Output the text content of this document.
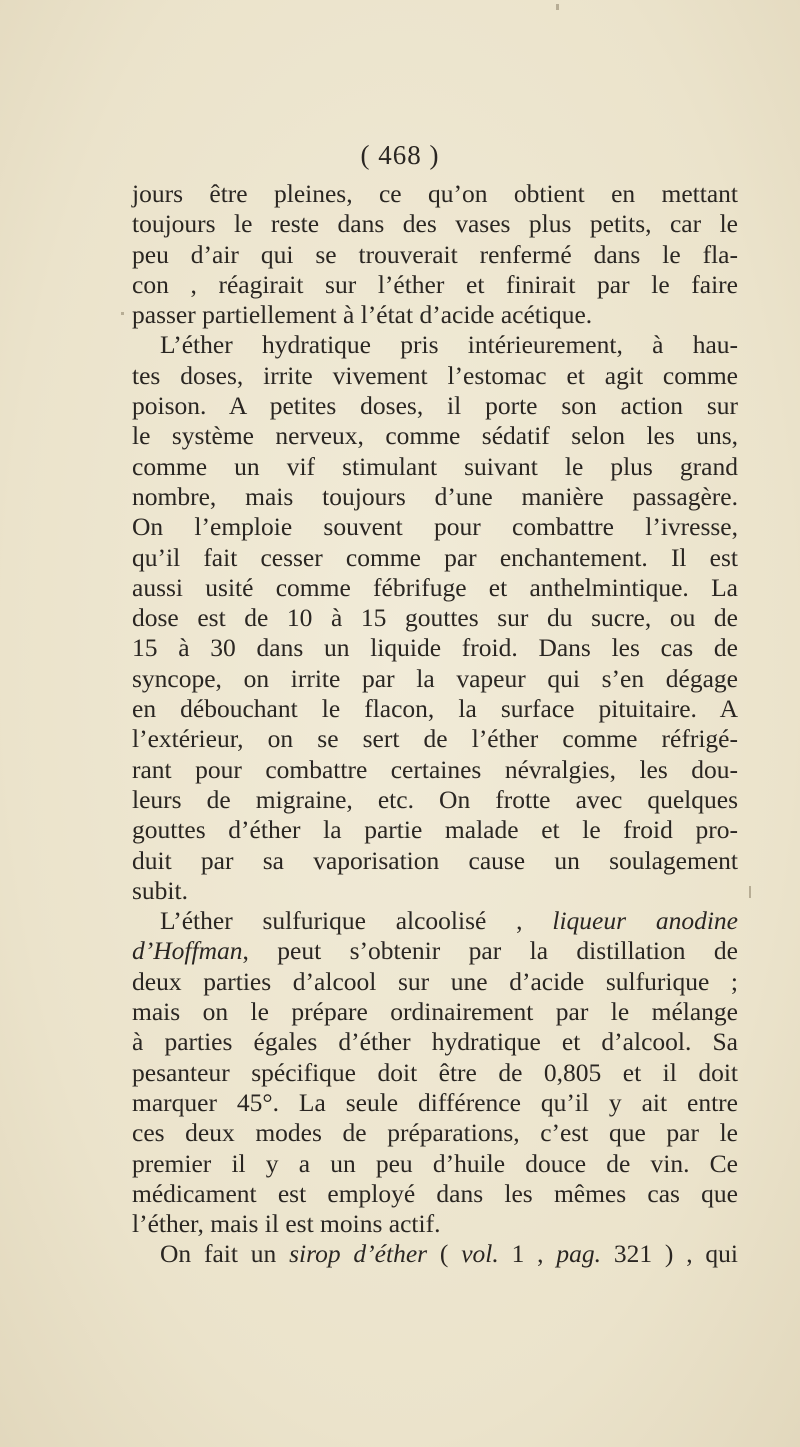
( 468 )
jours être pleines, ce qu’on obtient en mettant
toujours le reste dans des vases plus petits, car le
peu d’air qui se trouverait renfermé dans le fla-
con , réagirait sur l’éther et finirait par le faire
passer partiellement à l’état d’acide acétique.
L’éther hydratique pris intérieurement, à hau-
tes doses, irrite vivement l’estomac et agit comme
poison. A petites doses, il porte son action sur
le système nerveux, comme sédatif selon les uns,
comme un vif stimulant suivant le plus grand
nombre, mais toujours d’une manière passagère.
On l’emploie souvent pour combattre l’ivresse,
qu’il fait cesser comme par enchantement. Il est
aussi usité comme fébrifuge et anthelmintique. La
dose est de 10 à 15 gouttes sur du sucre, ou de
15 à 30 dans un liquide froid. Dans les cas de
syncope, on irrite par la vapeur qui s’en dégage
en débouchant le flacon, la surface pituitaire. A
l’extérieur, on se sert de l’éther comme réfrigé-
rant pour combattre certaines névralgies, les dou-
leurs de migraine, etc. On frotte avec quelques
gouttes d’éther la partie malade et le froid pro-
duit par sa vaporisation cause un soulagement
subit.
L’éther sulfurique alcoolisé , liqueur anodine
d’Hoffman, peut s’obtenir par la distillation de
deux parties d’alcool sur une d’acide sulfurique ;
mais on le prépare ordinairement par le mélange
à parties égales d’éther hydratique et d’alcool. Sa
pesanteur spécifique doit être de 0,805 et il doit
marquer 45°. La seule différence qu’il y ait entre
ces deux modes de préparations, c’est que par le
premier il y a un peu d’huile douce de vin. Ce
médicament est employé dans les mêmes cas que
l’éther, mais il est moins actif.
On fait un sirop d’éther ( vol. 1 , pag. 321 ) , qui
